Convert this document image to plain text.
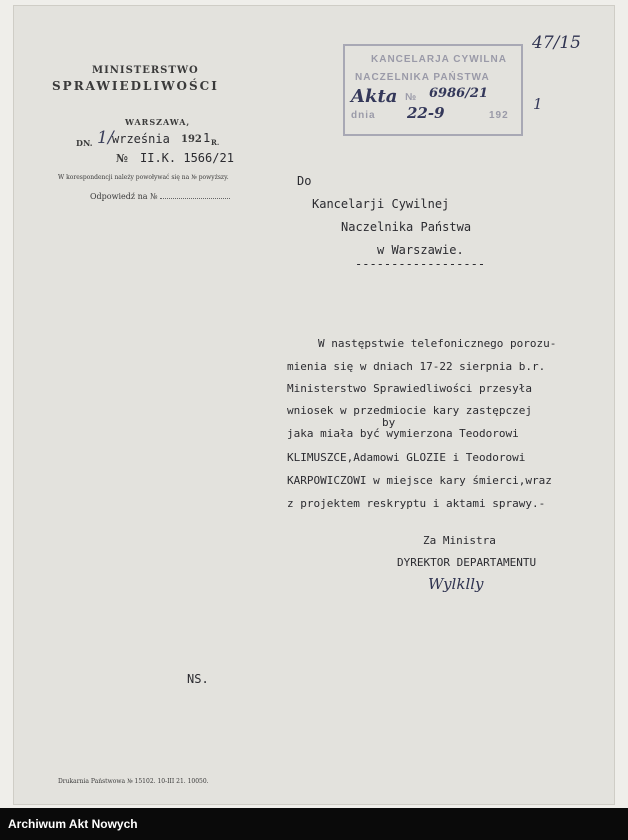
MINISTERSTWO
SPRAWIEDLIWOŚCI
WARSZAWA,
DN. 1/
września 192 1 R.
№ II.K. 1566/21
W korespondencji należy powoływać się na № powyższy.
Odpowiedź na №
KANCELARJA CYWILNA
NACZELNIKA PAŃSTWA
№
dnia	192
Akta 6986/21
22-9	1
47/15
Do
Kancelarji Cywilnej
Naczelnika Państwa
w Warszawie.
------------------
W następstwie telefonicznego porozu-
mienia się w dniach 17-22 sierpnia b.r.
Ministerstwo Sprawiedliwości przesyła
wniosek w przedmiocie kary zastępczej
by
jaka miała być wymierzona Teodorowi
KLIMUSZCE,Adamowi GLOZIE i Teodorowi
KARPOWICZOWI w miejsce kary śmierci,wraz
z projektem reskryptu i aktami sprawy.-
Za Ministra
DYREKTOR DEPARTAMENTU
Wylklly
NS.
Drukarnia Państwowa № 15102. 10-III 21. 10050.
Archiwum Akt Nowych
